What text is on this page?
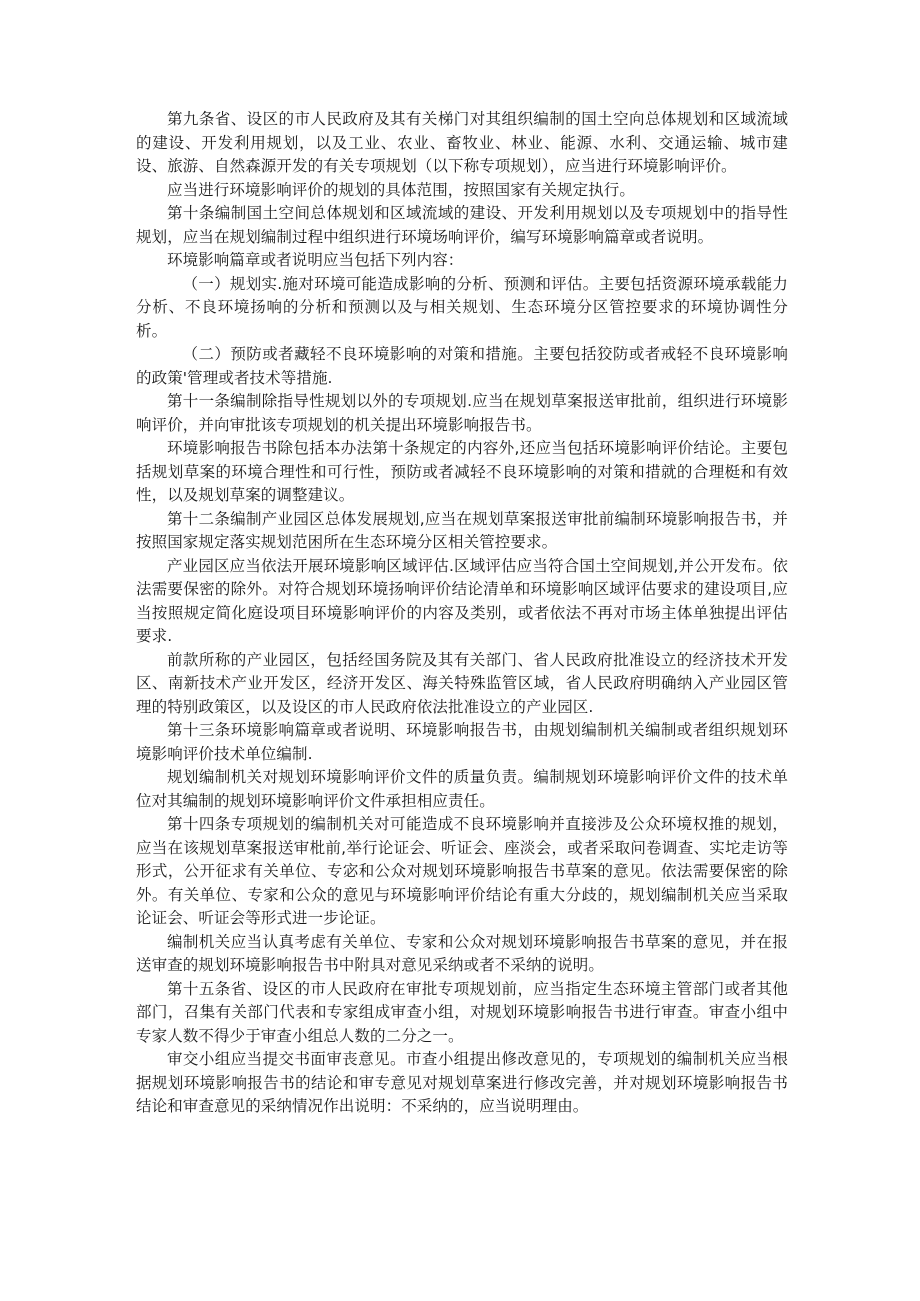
第九条省、设区的市人民政府及其有关梯门对其组织编制的国土空向总体规划和区域流域的建设、开发利用规划，以及工业、农业、畜牧业、林业、能源、水利、交通运输、城市建设、旅游、自然森源开发的有关专项规划（以下称专项规划），应当进行环境影响评价。

应当进行环境影响评价的规划的具体范围，按照国家有关规定执行。

第十条编制国土空间总体规划和区域流域的建设、开发利用规划以及专项规划中的指导性规划，应当在规划编制过程中组织进行环境场响评价，编写环境影响篇章或者说明。

环境影响篇章或者说明应当包括下列内容：

（一）规划实.施对环境可能造成影响的分析、预测和评估。主要包括资源环境承载能力分析、不良环境扬响的分析和预测以及与相关规划、生态环境分区管控要求的环境协调性分析。

（二）预防或者藏轻不良环境影响的对策和措施。主要包括狡防或者戒轻不良环境影响的政策'管理或者技术等措施.

第十一条编制除指导性规划以外的专项规划.应当在规划草案报送审批前，组织进行环境影响评价，并向审批该专项规划的机关提出环境影响报告书。

环境影响报告书除包括本办法第十条规定的内容外,还应当包括环境影响评价结论。主要包括规划草案的环境合理性和可行性，预防或者减轻不良环境影响的对策和措就的合理梃和有效性，以及规划草案的调整建议。

第十二条编制产业园区总体发展规划,应当在规划草案报送审批前编制环境影响报告书，并按照国家规定落实规划范困所在生态环境分区相关管控要求。

产业园区应当依法开展环境影响区域评估.区域评估应当符合国土空间规划,并公开发布。依法需要保密的除外。对符合规划环境扬响评价结论清单和环境影响区域评估要求的建设项目,应当按照规定简化庭设项目环境影响评价的内容及类别，或者依法不再对市场主体单独提出评估要求.

前款所称的产业园区，包括经国务院及其有关部门、省人民政府批准设立的经济技术开发区、南新技术产业开发区，经济开发区、海关特殊监管区域，省人民政府明确纳入产业园区管理的特别政策区，以及设区的市人民政府依法批准设立的产业园区.

第十三条环境影响篇章或者说明、环境影响报告书，由规划编制机关编制或者组织规划环境影响评价技术单位编制.

规划编制机关对规划环境影响评价文件的质量负责。编制规划环境影响评价文件的技术单位对其编制的规划环境影响评价文件承担相应责任。

第十四条专项规划的编制机关对可能造成不良环境影响并直接涉及公众环境权推的规划，应当在该规划草案报送审枇前,举行论证会、听证会、座淡会，或者采取问卷调查、实坨走访等形式，公开征求有关单位、专宓和公众对规划环境影响报告书草案的意见。依法需要保密的除外。有关单位、专家和公众的意见与环境影响评价结论有重大分歧的，规划编制机关应当采取论证会、听证会等形式进一步论证。

编制机关应当认真考虑有关单位、专家和公众对规划环境影响报告书草案的意见，并在报送审查的规划环境影响报告书中附具对意见采纳或者不采纳的说明。

第十五条省、设区的市人民政府在审批专项规划前，应当指定生态环境主管部门或者其他部门，召集有关部门代表和专家组成审查小组，对规划环境影响报告书进行审查。审查小组中专家人数不得少于审查小组总人数的二分之一。

审交小组应当提交书面审丧意见。市查小组提出修改意见的，专项规划的编制机关应当根据规划环境影响报告书的结论和审专意见对规划草案进行修改完善，并对规划环境影响报告书结论和审查意见的采纳情况作出说明：不采纳的，应当说明理由。
